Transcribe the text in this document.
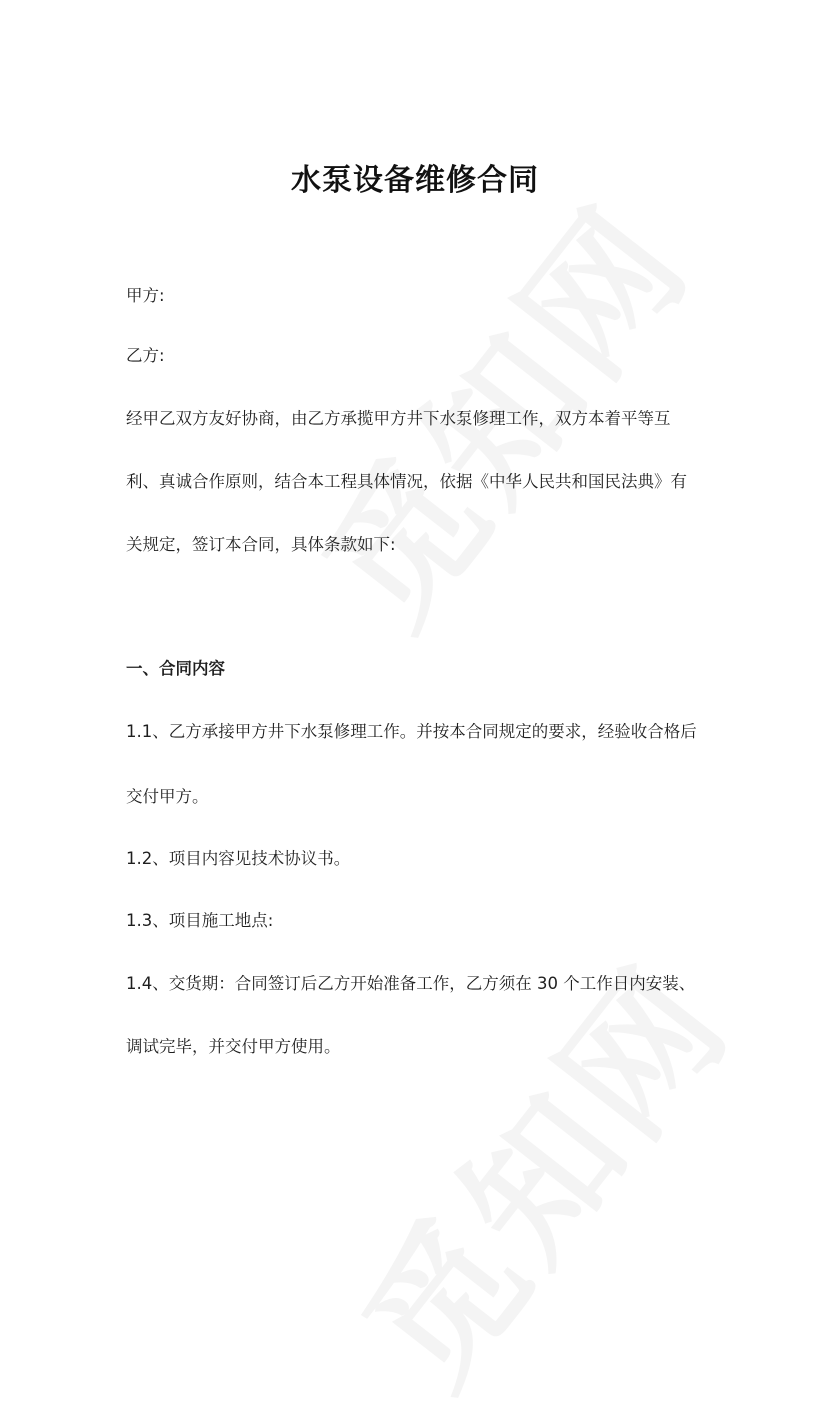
水泵设备维修合同
甲方:
乙方:
经甲乙双方友好协商，由乙方承揽甲方井下水泵修理工作，双方本着平等互
利、真诚合作原则，结合本工程具体情况，依据《中华人民共和国民法典》有
关规定，签订本合同，具体条款如下:
一、合同内容
1.1、乙方承接甲方井下水泵修理工作。并按本合同规定的要求，经验收合格后
交付甲方。
1.2、项目内容见技术协议书。
1.3、项目施工地点:
1.4、交货期：合同签订后乙方开始准备工作，乙方须在 30 个工作日内安装、
调试完毕，并交付甲方使用。
